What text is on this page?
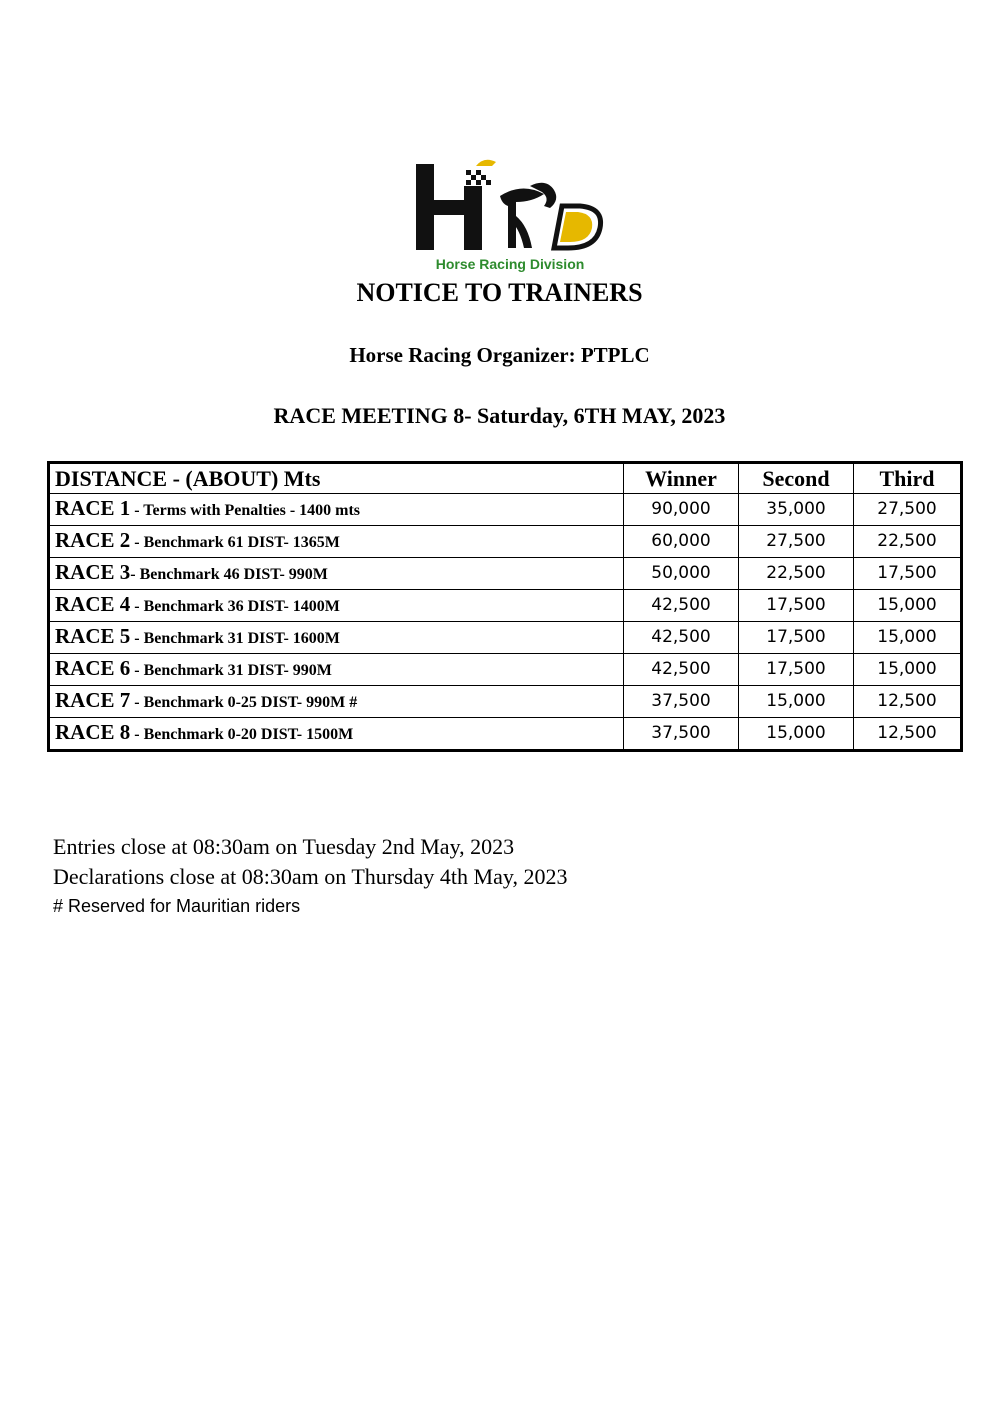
Horse Racing Division
NOTICE TO TRAINERS
Horse Racing Organizer: PTPLC
RACE MEETING 8- Saturday, 6TH MAY, 2023
DISTANCE - (ABOUT) Mts	Winner	Second	Third
RACE 1 - Terms with Penalties - 1400 mts	90,000	35,000	27,500
RACE 2 - Benchmark 61 DIST- 1365M	60,000	27,500	22,500
RACE 3- Benchmark 46 DIST- 990M	50,000	22,500	17,500
RACE 4 - Benchmark 36 DIST- 1400M	42,500	17,500	15,000
RACE 5 - Benchmark 31 DIST- 1600M	42,500	17,500	15,000
RACE 6 - Benchmark 31 DIST- 990M	42,500	17,500	15,000
RACE 7 - Benchmark 0-25 DIST- 990M #	37,500	15,000	12,500
RACE 8 - Benchmark 0-20 DIST- 1500M	37,500	15,000	12,500
Entries close at 08:30am on Tuesday 2nd May, 2023
Declarations close at 08:30am on Thursday 4th May, 2023
# Reserved for Mauritian riders
